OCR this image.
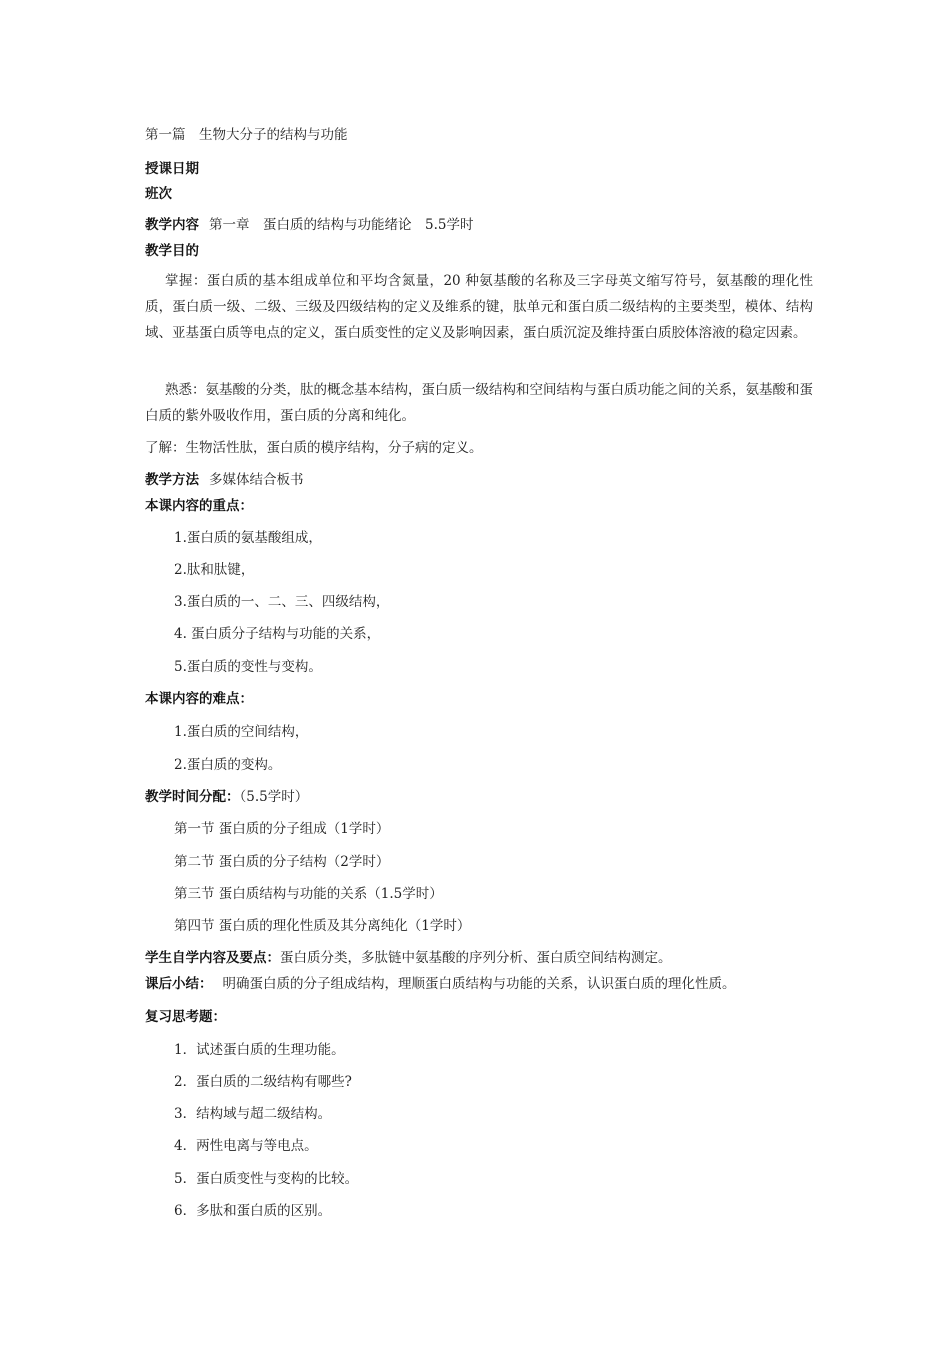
第一篇　生物大分子的结构与功能
授课日期
班次
教学内容 第一章　蛋白质的结构与功能绪论　5.5学时
教学目的
掌握：蛋白质的基本组成单位和平均含氮量，20 种氨基酸的名称及三字母英文缩写符号，氨基酸的理化性质，蛋白质一级、二级、三级及四级结构的定义及维系的键，肽单元和蛋白质二级结构的主要类型，模体、结构域、亚基蛋白质等电点的定义，蛋白质变性的定义及影响因素，蛋白质沉淀及维持蛋白质胶体溶液的稳定因素。
熟悉：氨基酸的分类，肽的概念基本结构，蛋白质一级结构和空间结构与蛋白质功能之间的关系，氨基酸和蛋白质的紫外吸收作用，蛋白质的分离和纯化。
了解：生物活性肽，蛋白质的模序结构，分子病的定义。
教学方法 多媒体结合板书
本课内容的重点：
1.蛋白质的氨基酸组成，
2.肽和肽键，
3.蛋白质的一、二、三、四级结构，
4. 蛋白质分子结构与功能的关系，
5.蛋白质的变性与变构。
本课内容的难点：
1.蛋白质的空间结构，
2.蛋白质的变构。
教学时间分配：（5.5学时）
第一节 蛋白质的分子组成（1学时）
第二节 蛋白质的分子结构（2学时）
第三节 蛋白质结构与功能的关系（1.5学时）
第四节 蛋白质的理化性质及其分离纯化（1学时）
学生自学内容及要点：蛋白质分类，多肽链中氨基酸的序列分析、蛋白质空间结构测定。
课后小结： 明确蛋白质的分子组成结构，理顺蛋白质结构与功能的关系，认识蛋白质的理化性质。
复习思考题：
1．试述蛋白质的生理功能。
2．蛋白质的二级结构有哪些?
3．结构域与超二级结构。
4．两性电离与等电点。
5．蛋白质变性与变构的比较。
6．多肽和蛋白质的区别。
